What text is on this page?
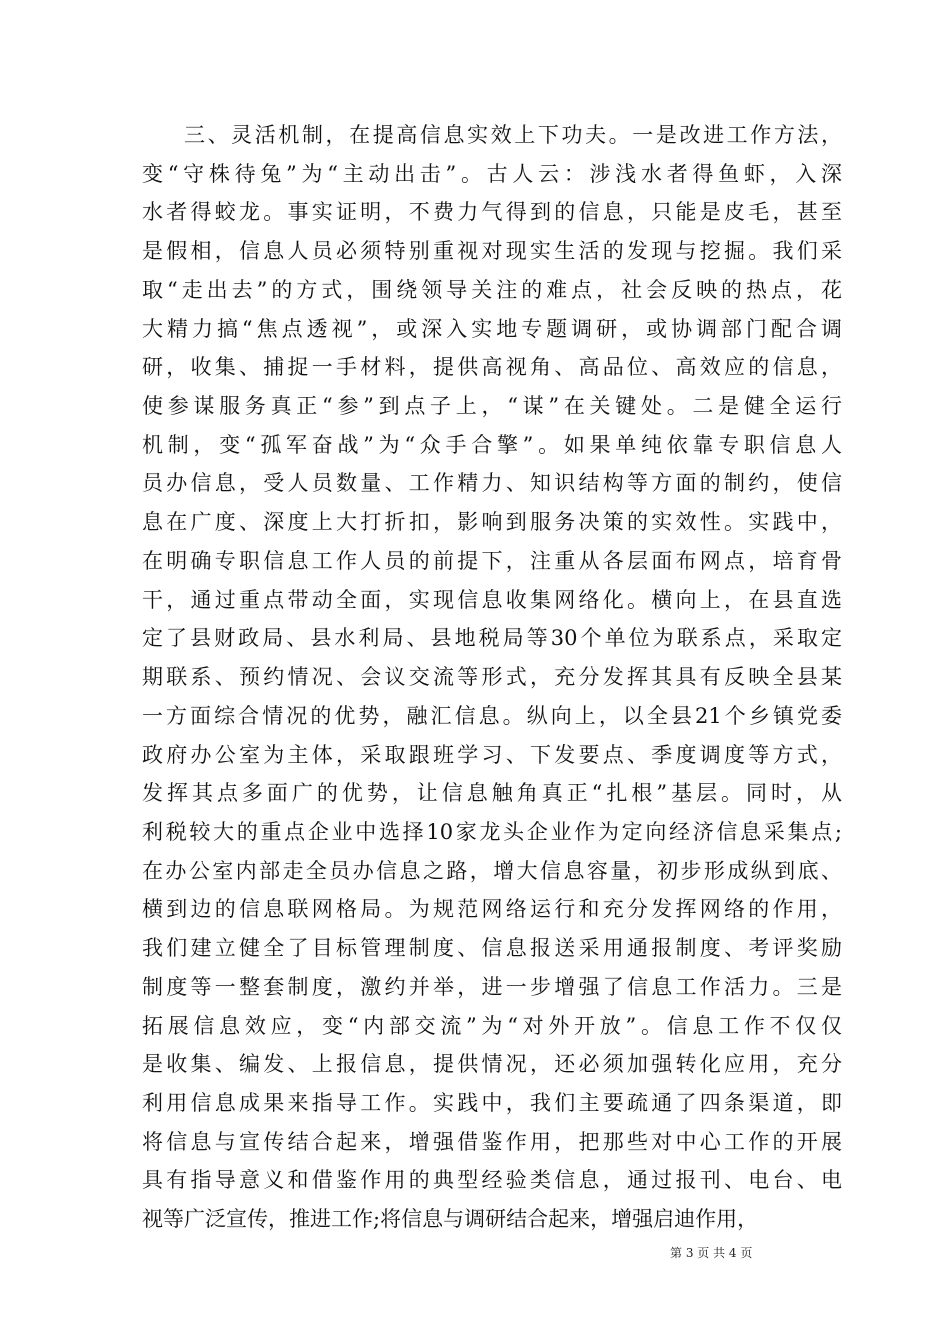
三、灵活机制，在提高信息实效上下功夫。一是改进工作方法，
变“守株待兔”为“主动出击”。古人云：涉浅水者得鱼虾，入深
水者得蛟龙。事实证明，不费力气得到的信息，只能是皮毛，甚至
是假相，信息人员必须特别重视对现实生活的发现与挖掘。我们采
取“走出去”的方式，围绕领导关注的难点，社会反映的热点，花
大精力搞“焦点透视”，或深入实地专题调研，或协调部门配合调
研，收集、捕捉一手材料，提供高视角、高品位、高效应的信息，
使参谋服务真正“参”到点子上，“谋”在关键处。二是健全运行
机制，变“孤军奋战”为“众手合擎”。如果单纯依靠专职信息人
员办信息，受人员数量、工作精力、知识结构等方面的制约，使信
息在广度、深度上大打折扣，影响到服务决策的实效性。实践中，
在明确专职信息工作人员的前提下，注重从各层面布网点，培育骨
干，通过重点带动全面，实现信息收集网络化。横向上，在县直选
定了县财政局、县水利局、县地税局等30个单位为联系点，采取定
期联系、预约情况、会议交流等形式，充分发挥其具有反映全县某
一方面综合情况的优势，融汇信息。纵向上，以全县21个乡镇党委
政府办公室为主体，采取跟班学习、下发要点、季度调度等方式，
发挥其点多面广的优势，让信息触角真正“扎根”基层。同时，从
利税较大的重点企业中选择10家龙头企业作为定向经济信息采集点;
在办公室内部走全员办信息之路，增大信息容量，初步形成纵到底、
横到边的信息联网格局。为规范网络运行和充分发挥网络的作用，
我们建立健全了目标管理制度、信息报送采用通报制度、考评奖励
制度等一整套制度，激约并举，进一步增强了信息工作活力。三是
拓展信息效应，变“内部交流”为“对外开放”。信息工作不仅仅
是收集、编发、上报信息，提供情况，还必须加强转化应用，充分
利用信息成果来指导工作。实践中，我们主要疏通了四条渠道，即
将信息与宣传结合起来，增强借鉴作用，把那些对中心工作的开展
具有指导意义和借鉴作用的典型经验类信息，通过报刊、电台、电
视等广泛宣传，推进工作;将信息与调研结合起来，增强启迪作用，
第 3 页 共 4 页
